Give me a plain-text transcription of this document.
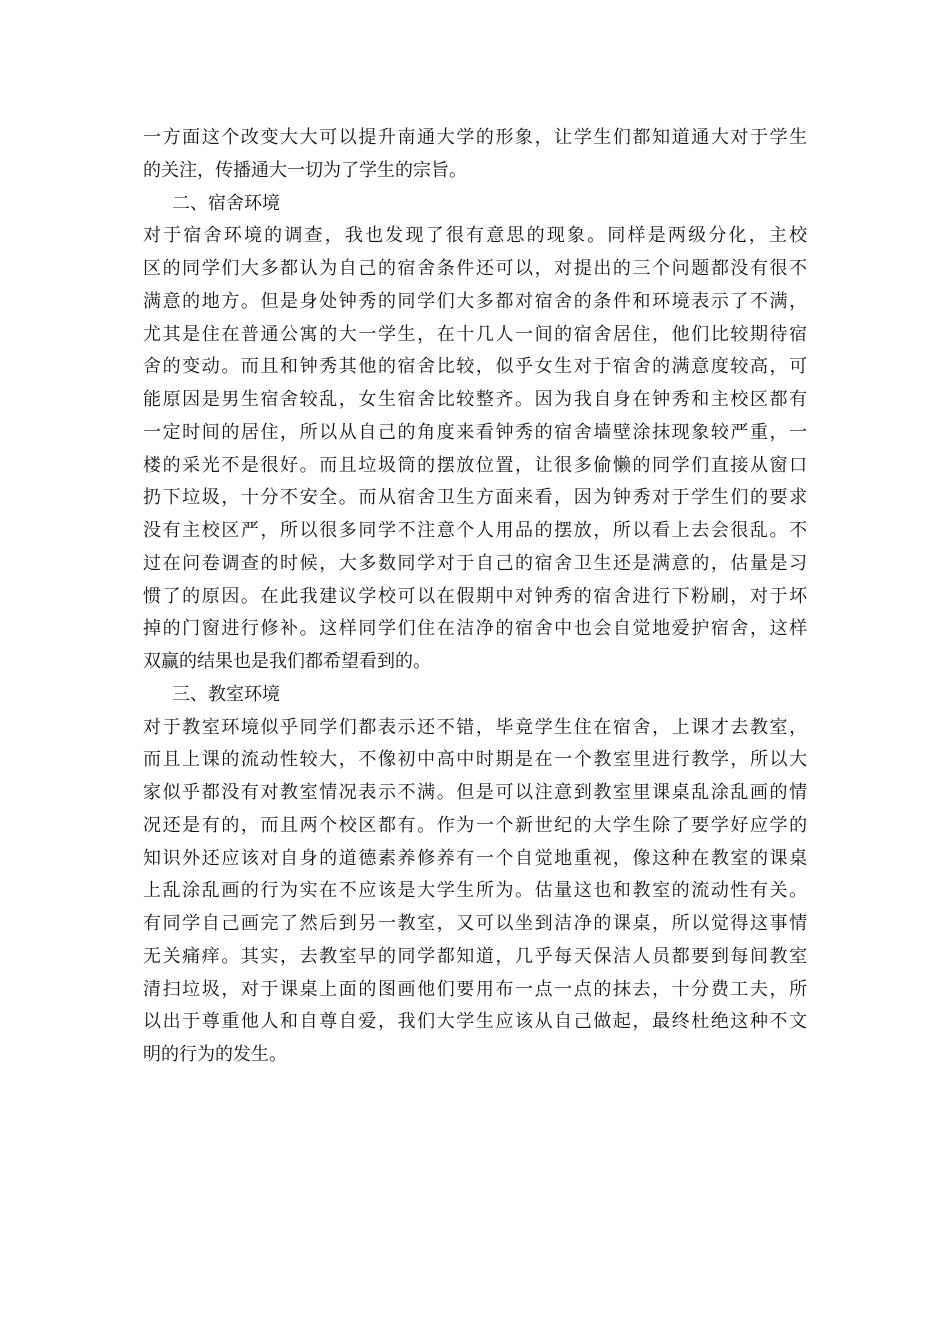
一方面这个改变大大可以提升南通大学的形象，让学生们都知道通大对于学生
的关注，传播通大一切为了学生的宗旨。
二、宿舍环境
对于宿舍环境的调查，我也发现了很有意思的现象。同样是两级分化，主校
区的同学们大多都认为自己的宿舍条件还可以，对提出的三个问题都没有很不
满意的地方。但是身处钟秀的同学们大多都对宿舍的条件和环境表示了不满，
尤其是住在普通公寓的大一学生，在十几人一间的宿舍居住，他们比较期待宿
舍的变动。而且和钟秀其他的宿舍比较，似乎女生对于宿舍的满意度较高，可
能原因是男生宿舍较乱，女生宿舍比较整齐。因为我自身在钟秀和主校区都有
一定时间的居住，所以从自己的角度来看钟秀的宿舍墙壁涂抹现象较严重，一
楼的采光不是很好。而且垃圾筒的摆放位置，让很多偷懒的同学们直接从窗口
扔下垃圾，十分不安全。而从宿舍卫生方面来看，因为钟秀对于学生们的要求
没有主校区严，所以很多同学不注意个人用品的摆放，所以看上去会很乱。不
过在问卷调查的时候，大多数同学对于自己的宿舍卫生还是满意的，估量是习
惯了的原因。在此我建议学校可以在假期中对钟秀的宿舍进行下粉刷，对于坏
掉的门窗进行修补。这样同学们住在洁净的宿舍中也会自觉地爱护宿舍，这样
双赢的结果也是我们都希望看到的。
三、教室环境
对于教室环境似乎同学们都表示还不错，毕竟学生住在宿舍，上课才去教室，
而且上课的流动性较大，不像初中高中时期是在一个教室里进行教学，所以大
家似乎都没有对教室情况表示不满。但是可以注意到教室里课桌乱涂乱画的情
况还是有的，而且两个校区都有。作为一个新世纪的大学生除了要学好应学的
知识外还应该对自身的道德素养修养有一个自觉地重视，像这种在教室的课桌
上乱涂乱画的行为实在不应该是大学生所为。估量这也和教室的流动性有关。
有同学自己画完了然后到另一教室，又可以坐到洁净的课桌，所以觉得这事情
无关痛痒。其实，去教室早的同学都知道，几乎每天保洁人员都要到每间教室
清扫垃圾，对于课桌上面的图画他们要用布一点一点的抹去，十分费工夫，所
以出于尊重他人和自尊自爱，我们大学生应该从自己做起，最终杜绝这种不文
明的行为的发生。
